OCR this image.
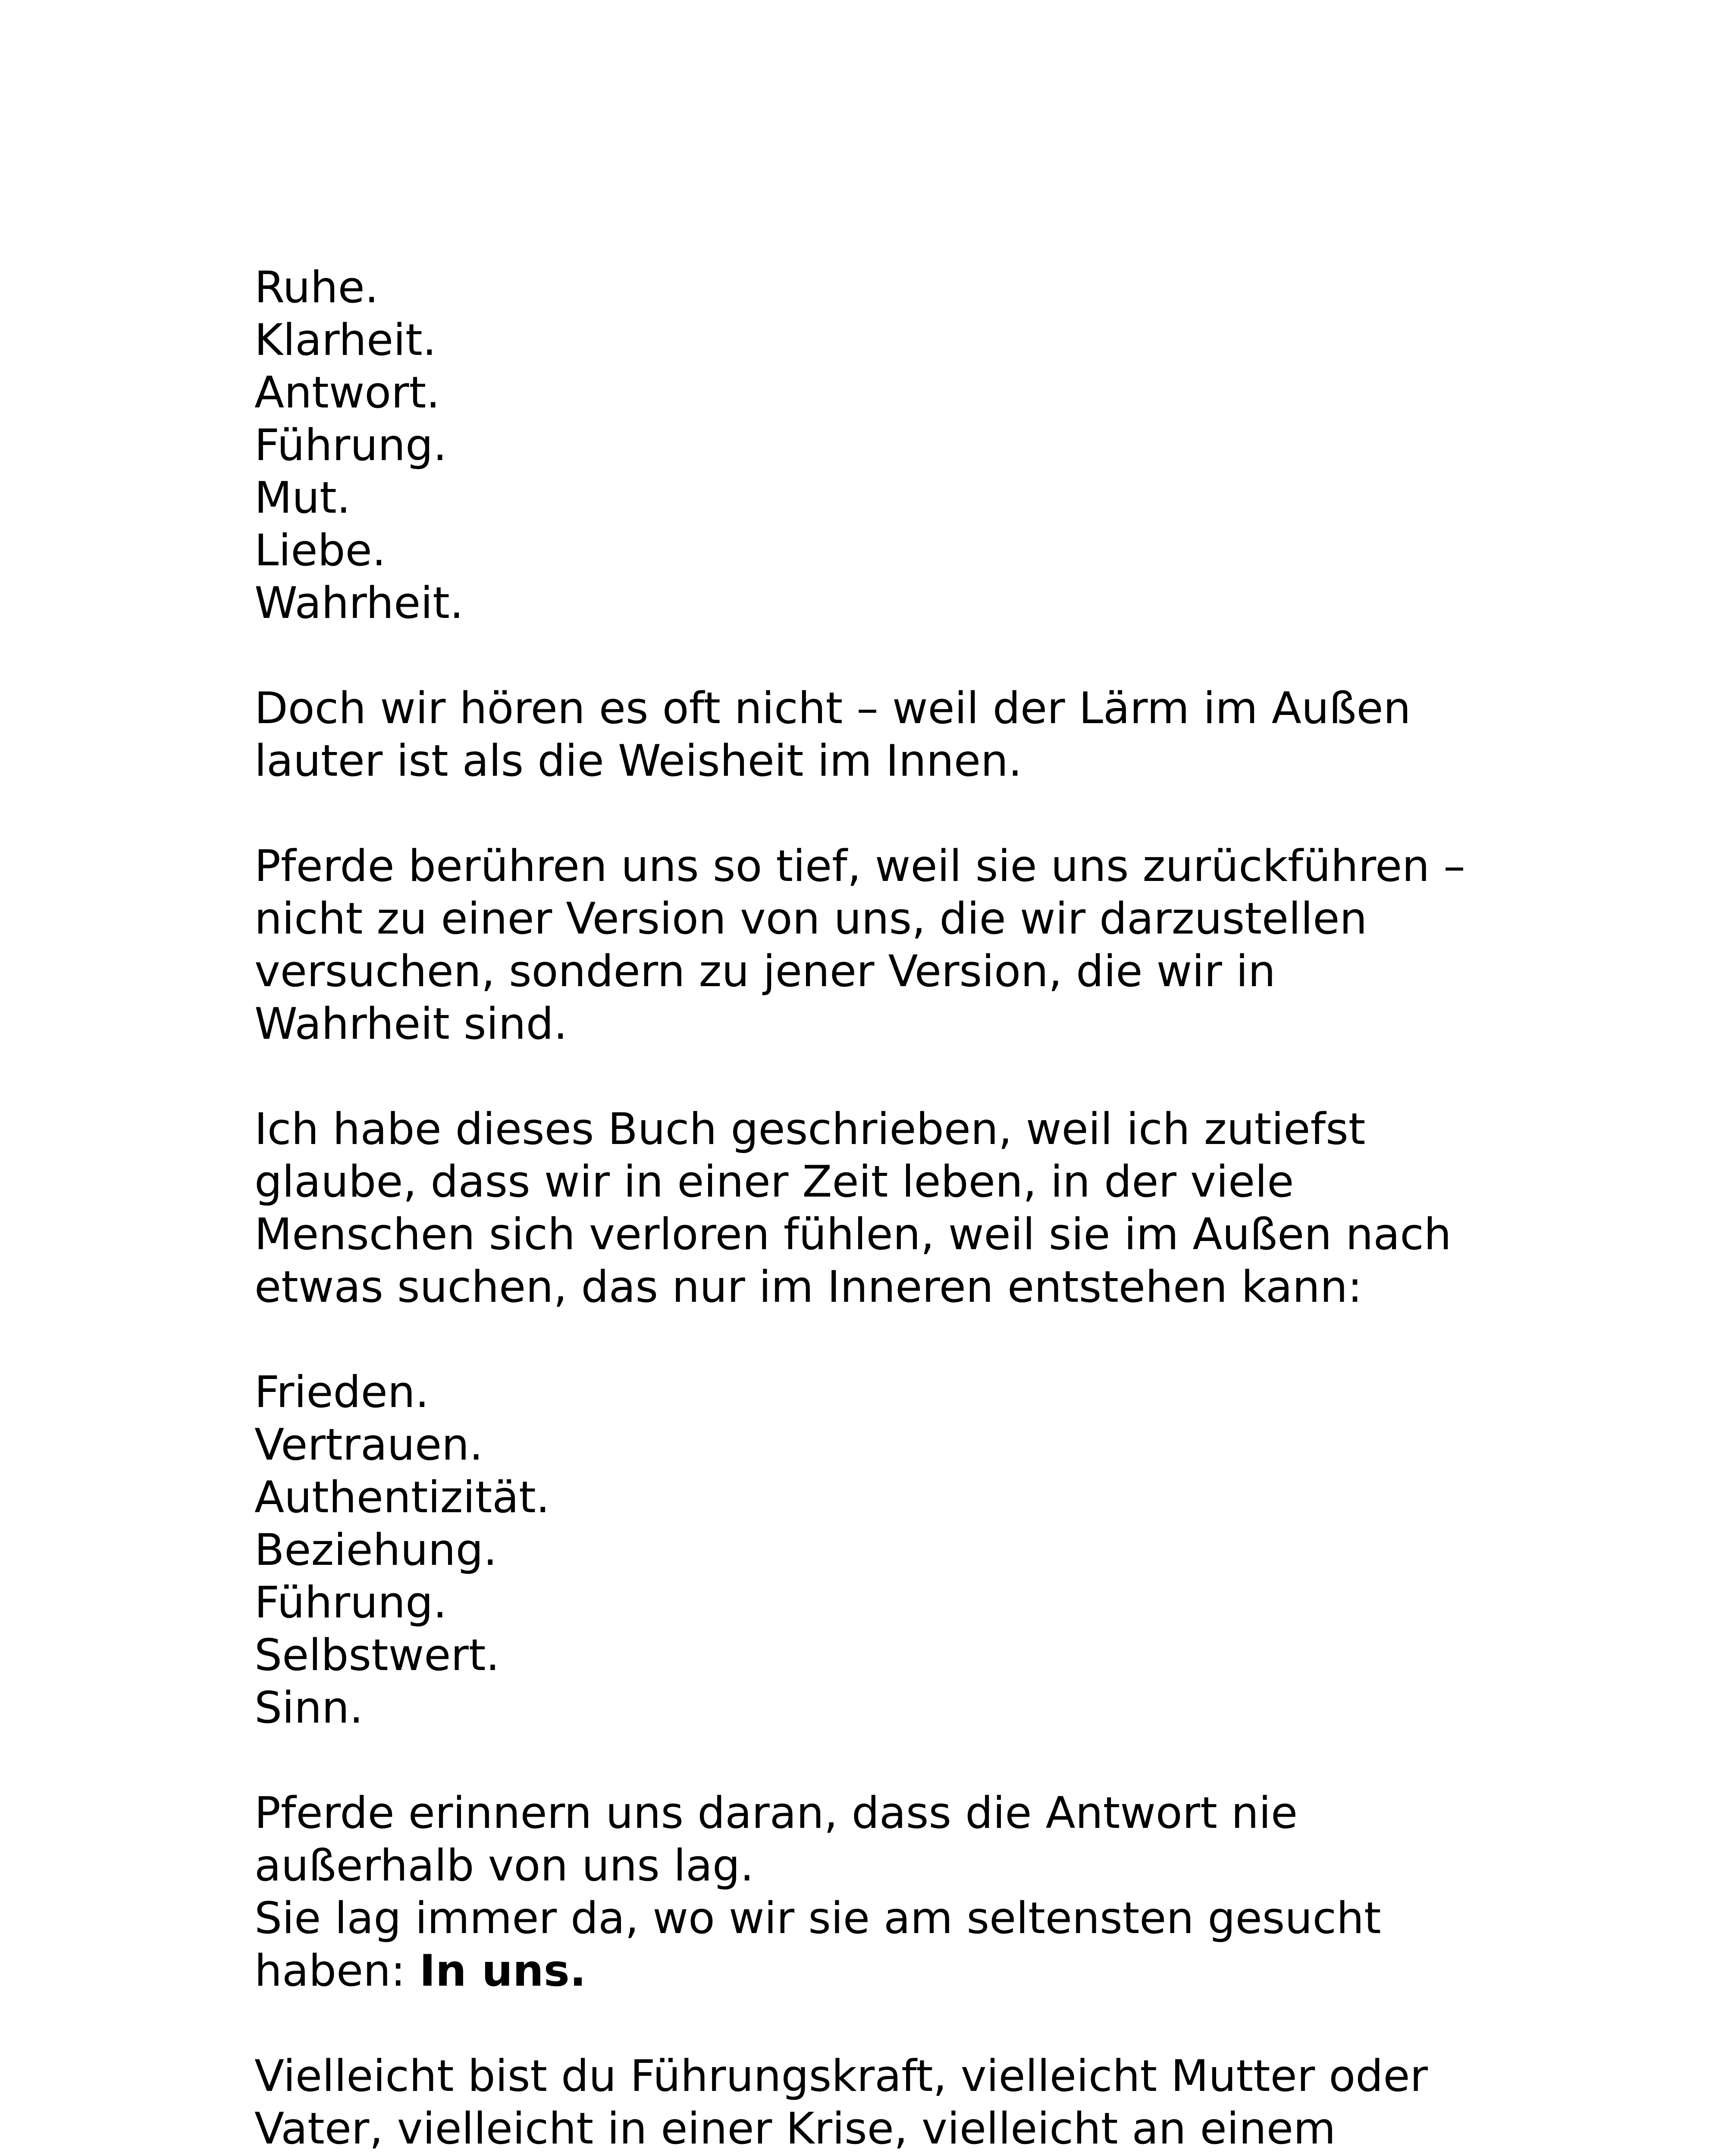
Ruhe.
Klarheit.
Antwort.
Führung.
Mut.
Liebe.
Wahrheit.
Doch wir hören es oft nicht – weil der Lärm im Außen
lauter ist als die Weisheit im Innen.
Pferde berühren uns so tief, weil sie uns zurückführen –
nicht zu einer Version von uns, die wir darzustellen
versuchen, sondern zu jener Version, die wir in
Wahrheit sind.
Ich habe dieses Buch geschrieben, weil ich zutiefst
glaube, dass wir in einer Zeit leben, in der viele
Menschen sich verloren fühlen, weil sie im Außen nach
etwas suchen, das nur im Inneren entstehen kann:
Frieden.
Vertrauen.
Authentizität.
Beziehung.
Führung.
Selbstwert.
Sinn.
Pferde erinnern uns daran, dass die Antwort nie
außerhalb von uns lag.
Sie lag immer da, wo wir sie am seltensten gesucht
haben: In uns.
Vielleicht bist du Führungskraft, vielleicht Mutter oder
Vater, vielleicht in einer Krise, vielleicht an einem
